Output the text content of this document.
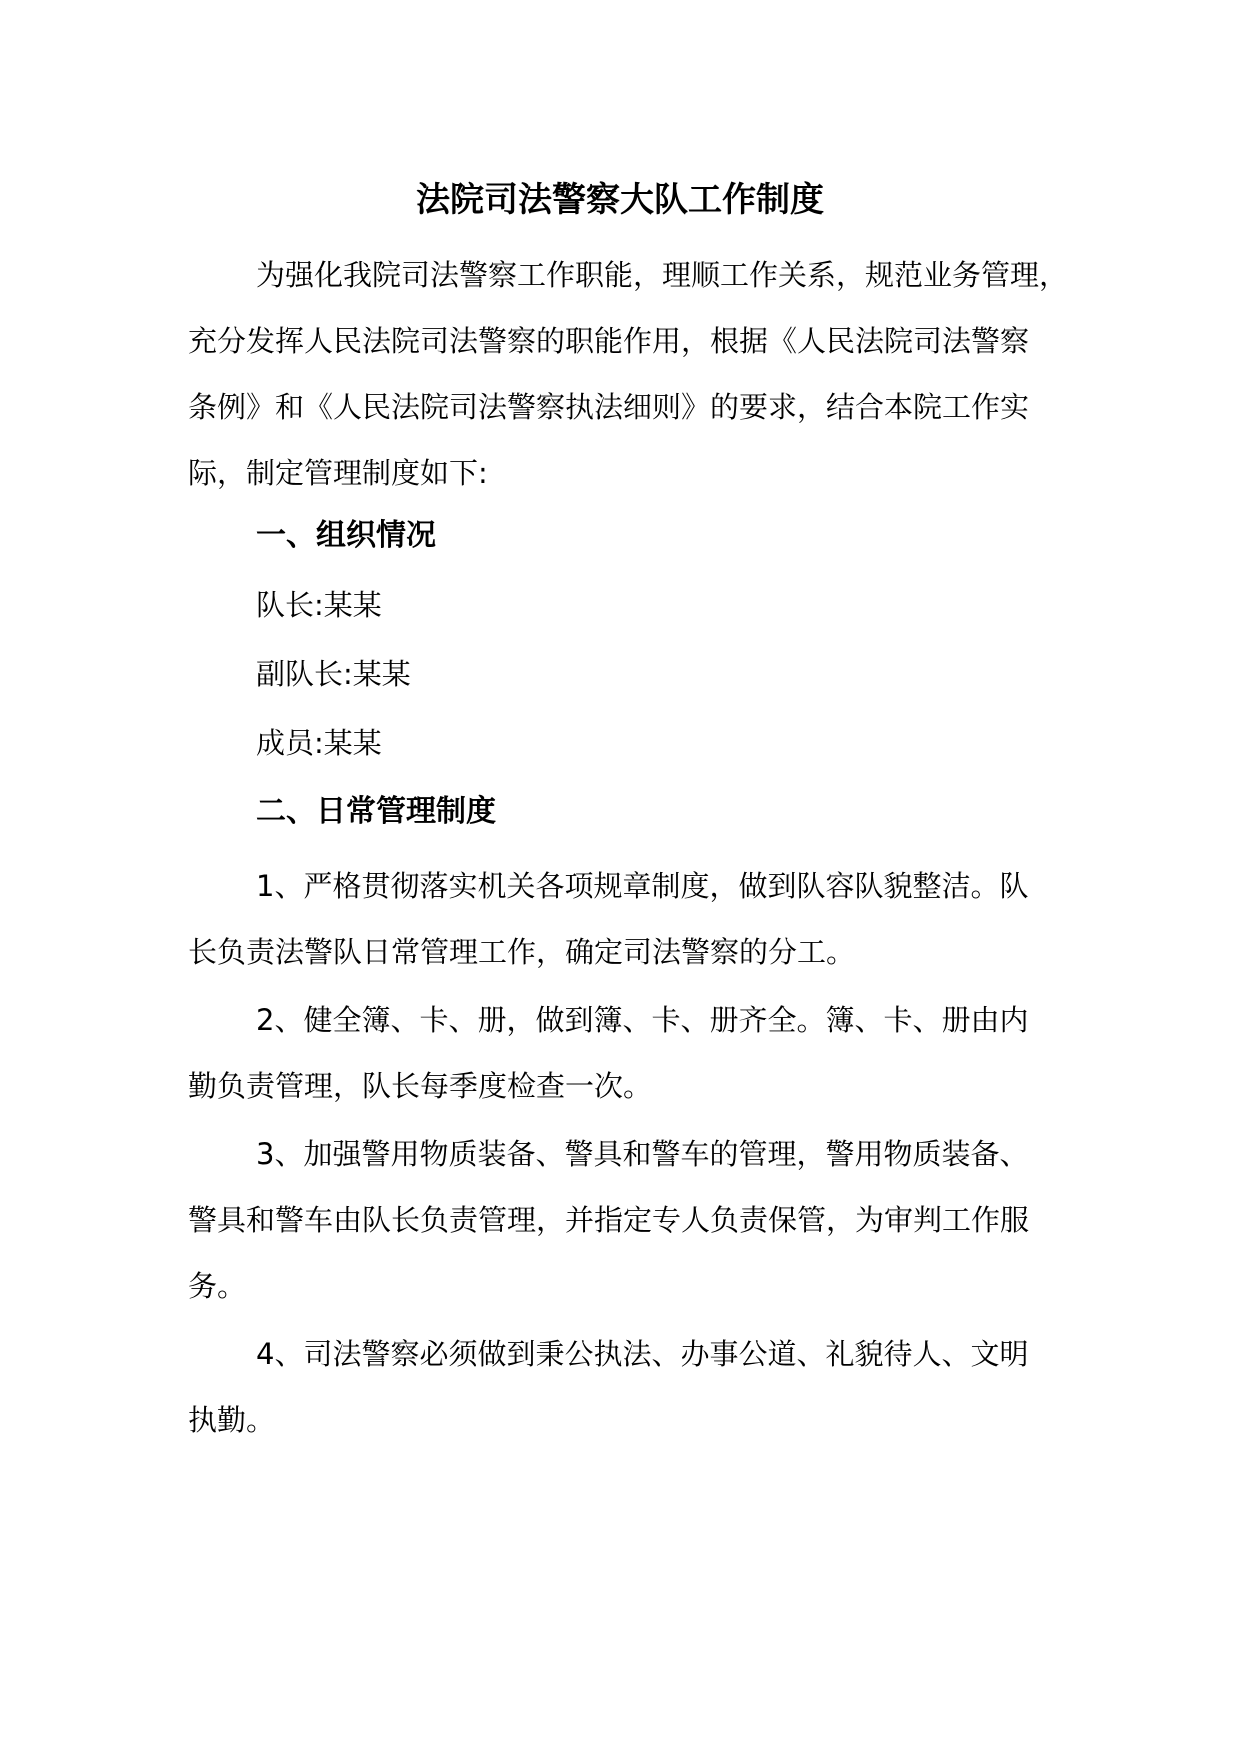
法院司法警察大队工作制度

为强化我院司法警察工作职能，理顺工作关系，规范业务管理，
充分发挥人民法院司法警察的职能作用，根据《人民法院司法警察
条例》和《人民法院司法警察执法细则》的要求，结合本院工作实
际，制定管理制度如下:

一、组织情况
队长:某某
副队长:某某
成员:某某
二、日常管理制度

1、严格贯彻落实机关各项规章制度，做到队容队貌整洁。队
长负责法警队日常管理工作，确定司法警察的分工。

2、健全簿、卡、册，做到簿、卡、册齐全。簿、卡、册由内
勤负责管理，队长每季度检查一次。

3、加强警用物质装备、警具和警车的管理，警用物质装备、
警具和警车由队长负责管理，并指定专人负责保管，为审判工作服
务。

4、司法警察必须做到秉公执法、办事公道、礼貌待人、文明
执勤。
